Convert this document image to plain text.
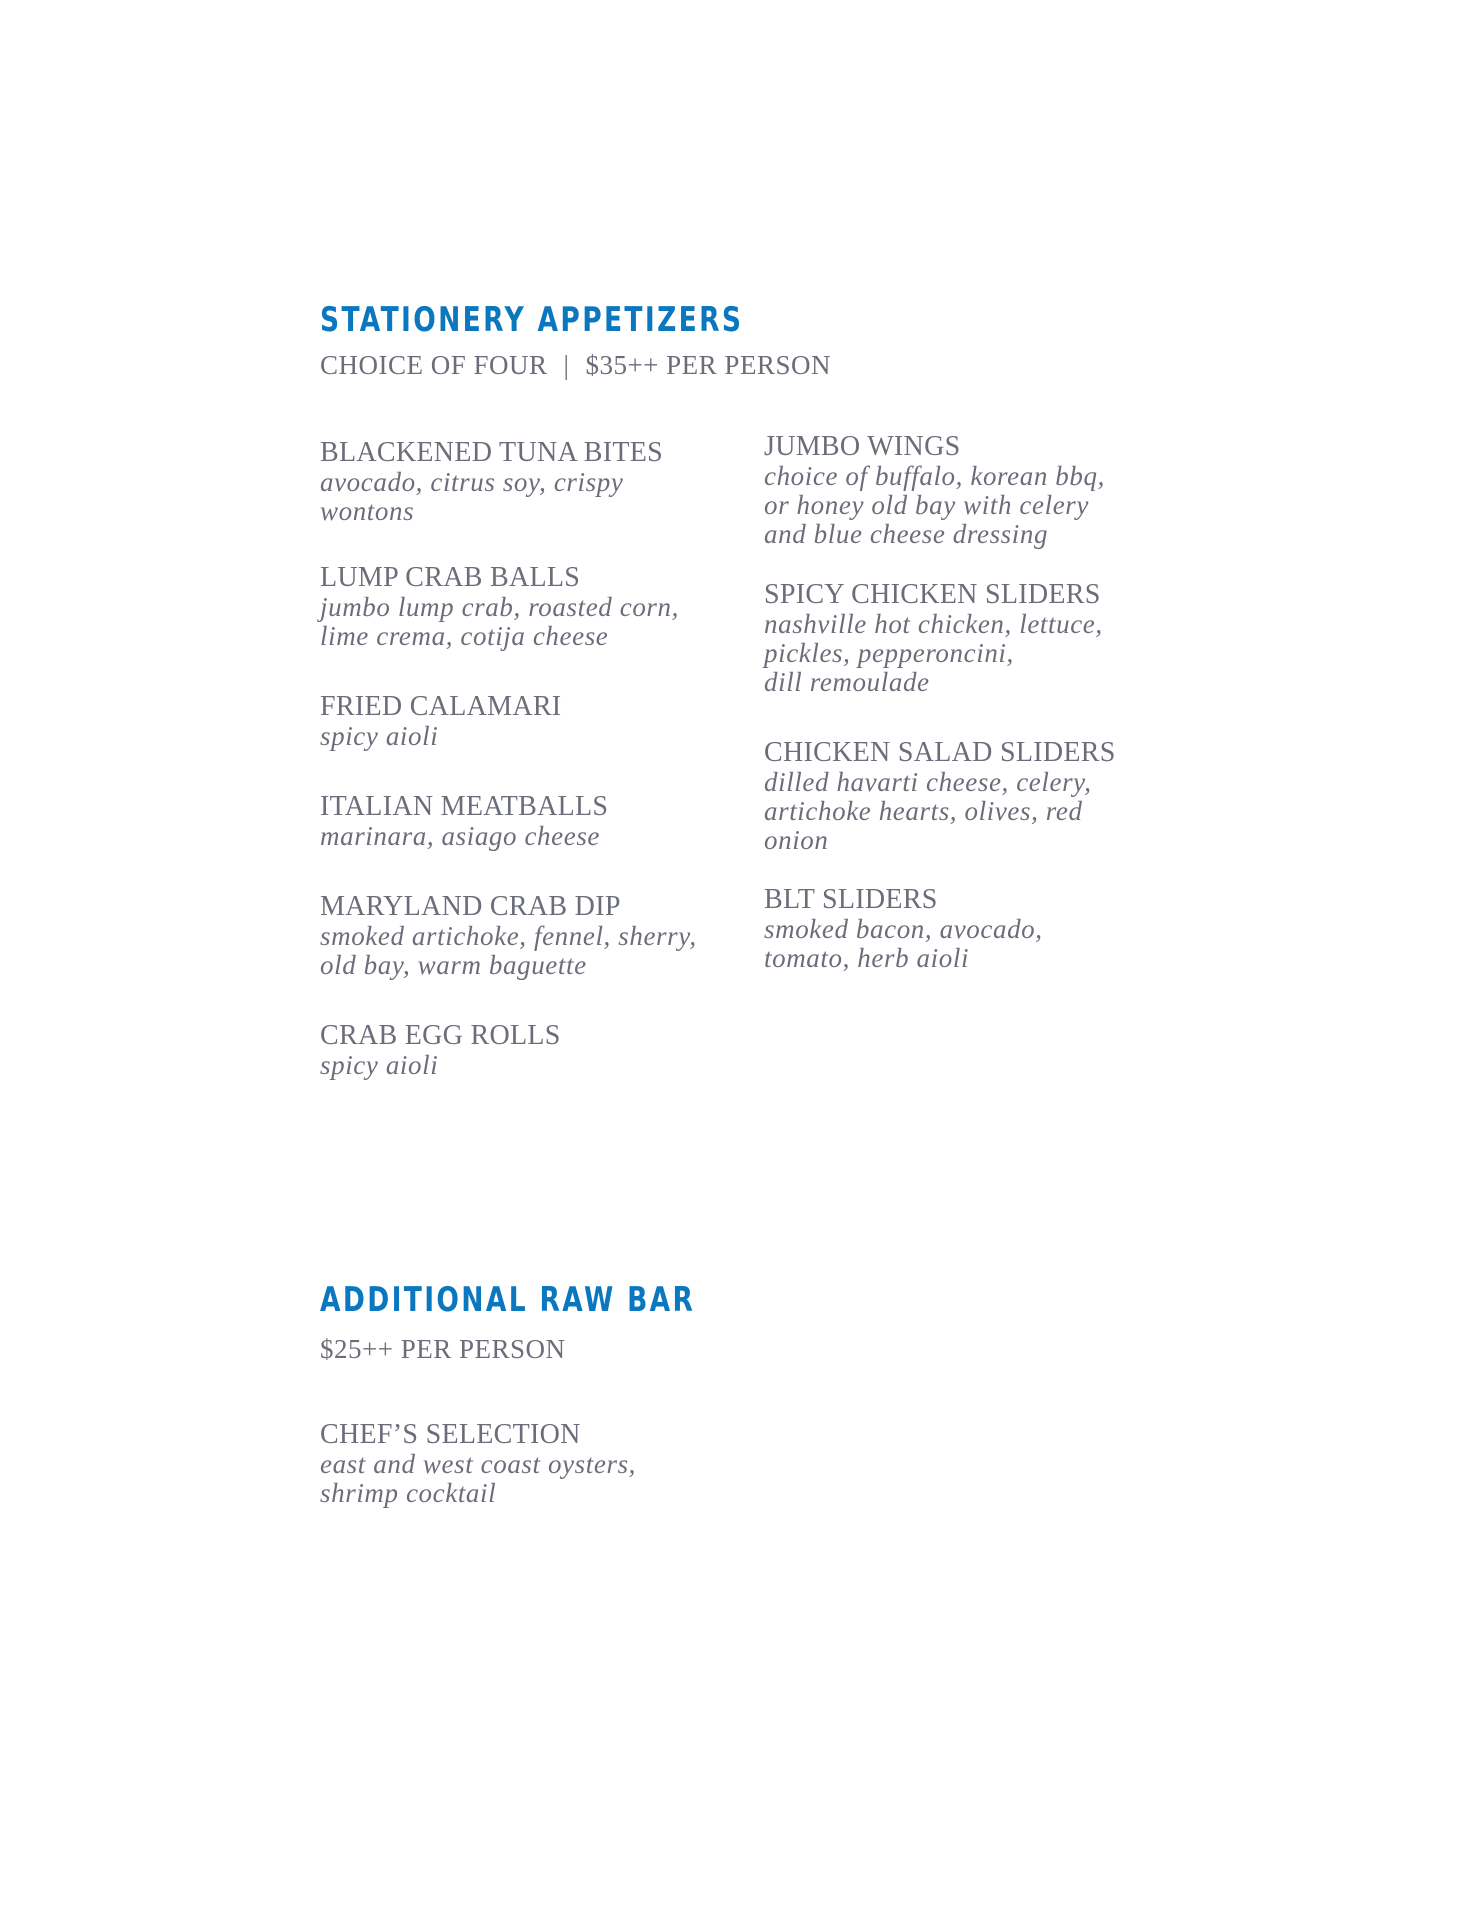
STATIONERY APPETIZERS

CHOICE OF FOUR | $35++ PER PERSON

BLACKENED TUNA BITES
avocado, citrus soy, crispy
wontons
LUMP CRAB BALLS
jumbo lump crab, roasted corn,
lime crema, cotija cheese
FRIED CALAMARI
spicy aioli
ITALIAN MEATBALLS
marinara, asiago cheese
MARYLAND CRAB DIP
smoked artichoke, fennel, sherry,
old bay, warm baguette
CRAB EGG ROLLS
spicy aioli
JUMBO WINGS
choice of buffalo, korean bbq,
or honey old bay with celery
and blue cheese dressing
SPICY CHICKEN SLIDERS
nashville hot chicken, lettuce,
pickles, pepperoncini,
dill remoulade
CHICKEN SALAD SLIDERS
dilled havarti cheese, celery,
artichoke hearts, olives, red
onion
BLT SLIDERS
smoked bacon, avocado,
tomato, herb aioli
ADDITIONAL RAW BAR

$25++ PER PERSON

CHEF’S SELECTION
east and west coast oysters,
shrimp cocktail
